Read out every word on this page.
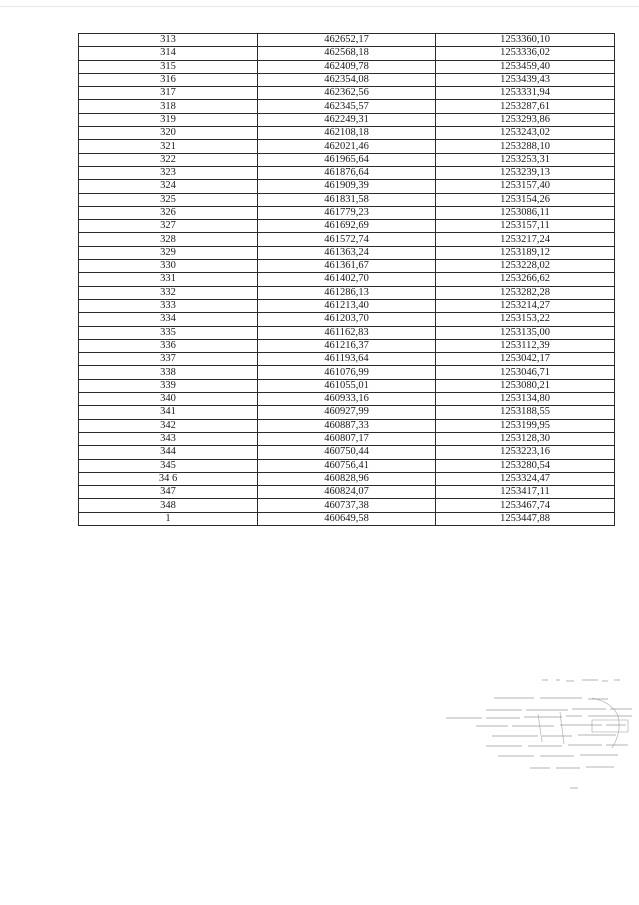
313	462652,17	1253360,10
314	462568,18	1253336,02
315	462409,78	1253459,40
316	462354,08	1253439,43
317	462362,56	1253331,94
318	462345,57	1253287,61
319	462249,31	1253293,86
320	462108,18	1253243,02
321	462021,46	1253288,10
322	461965,64	1253253,31
323	461876,64	1253239,13
324	461909,39	1253157,40
325	461831,58	1253154,26
326	461779,23	1253086,11
327	461692,69	1253157,11
328	461572,74	1253217,24
329	461363,24	1253189,12
330	461361,67	1253228,02
331	461402,70	1253266,62
332	461286,13	1253282,28
333	461213,40	1253214,27
334	461203,70	1253153,22
335	461162,83	1253135,00
336	461216,37	1253112,39
337	461193,64	1253042,17
338	461076,99	1253046,71
339	461055,01	1253080,21
340	460933,16	1253134,80
341	460927,99	1253188,55
342	460887,33	1253199,95
343	460807,17	1253128,30
344	460750,44	1253223,16
345	460756,41	1253280,54
34 6	460828,96	1253324,47
347	460824,07	1253417,11
348	460737,38	1253467,74
1	460649,58	1253447,88
